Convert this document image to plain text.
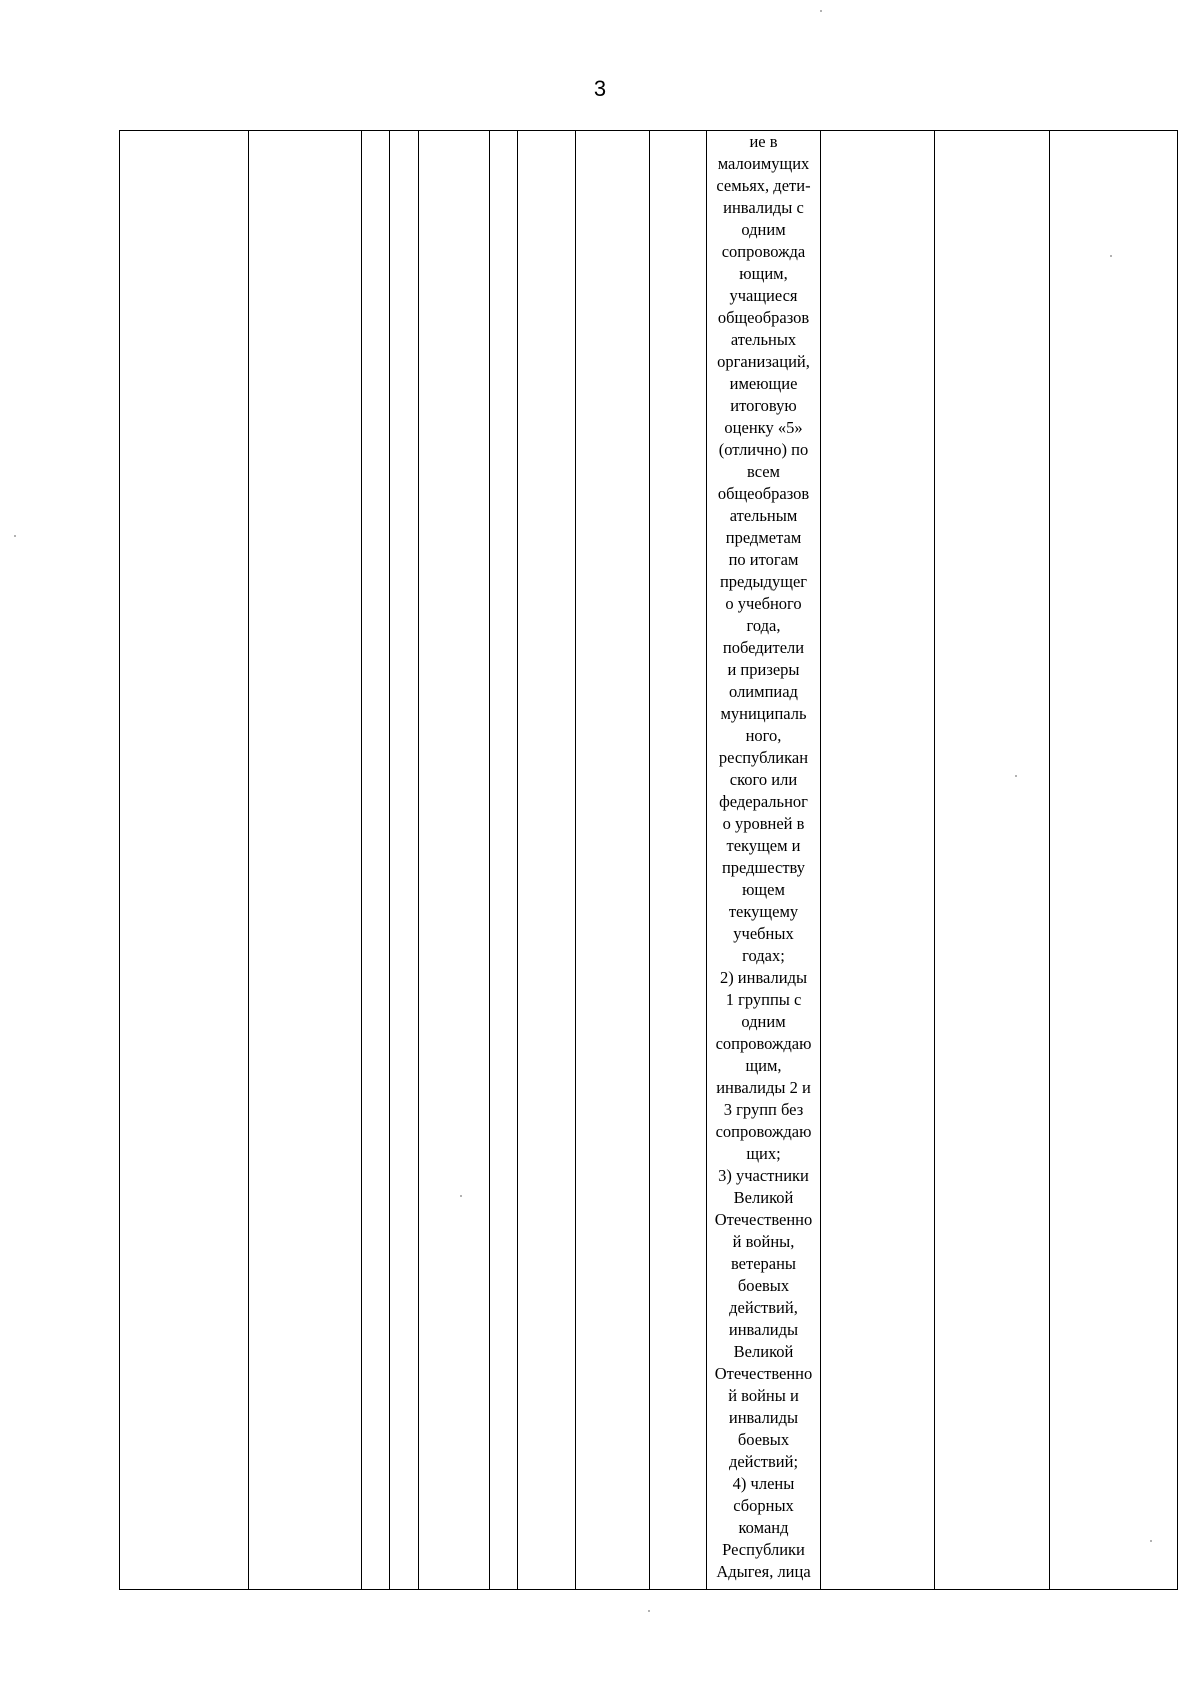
3

ие в
малоимущих
семьях, дети-
инвалиды с
одним
сопровожда
ющим,
учащиеся
общеобразов
ательных
организаций,
имеющие
итоговую
оценку «5»
(отлично) по
всем
общеобразов
ательным
предметам
по итогам
предыдущег
о учебного
года,
победители
и призеры
олимпиад
муниципаль
ного,
республикан
ского или
федеральног
о уровней в
текущем и
предшеству
ющем
текущему
учебных
годах;
2) инвалиды
1 группы с
одним
сопровождаю
щим,
инвалиды 2 и
3 групп без
сопровождаю
щих;
3) участники
Великой
Отечественно
й войны,
ветераны
боевых
действий,
инвалиды
Великой
Отечественно
й войны и
инвалиды
боевых
действий;
4) члены
сборных
команд
Республики
Адыгея, лица
